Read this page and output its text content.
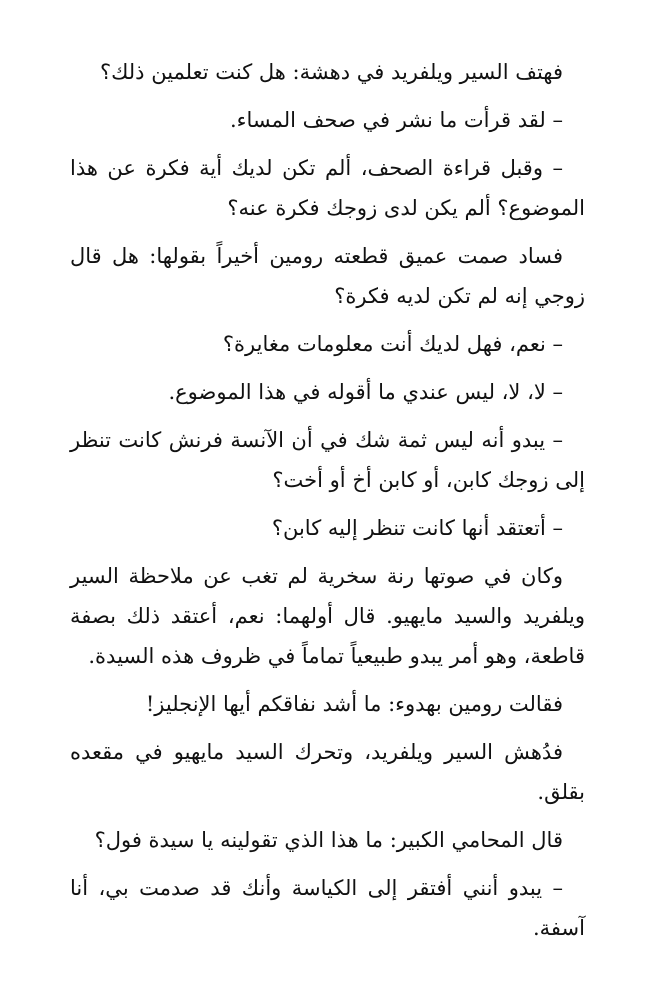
فهتف السير ويلفريد في دهشة: هل كنت تعلمين ذلك؟

– لقد قرأت ما نشر في صحف المساء.

– وقبل قراءة الصحف، ألم تكن لديك أية فكرة عن هذا الموضوع؟ ألم يكن لدى زوجك فكرة عنه؟

فساد صمت عميق قطعته رومين أخيراً بقولها: هل قال زوجي إنه لم تكن لديه فكرة؟

– نعم، فهل لديك أنت معلومات مغايرة؟

– لا، لا، ليس عندي ما أقوله في هذا الموضوع.

– يبدو أنه ليس ثمة شك في أن الآنسة فرنش كانت تنظر إلى زوجك كابن، أو كابن أخ أو أخت؟

– أتعتقد أنها كانت تنظر إليه كابن؟

وكان في صوتها رنة سخرية لم تغب عن ملاحظة السير ويلفريد والسيد مايهيو. قال أولهما: نعم، أعتقد ذلك بصفة قاطعة، وهو أمر يبدو طبيعياً تماماً في ظروف هذه السيدة.

فقالت رومين بهدوء: ما أشد نفاقكم أيها الإنجليز!

فدُهش السير ويلفريد، وتحرك السيد مايهيو في مقعده بقلق.

قال المحامي الكبير: ما هذا الذي تقولينه يا سيدة فول؟

– يبدو أنني أفتقر إلى الكياسة وأنك قد صدمت بي، أنا آسفة.
